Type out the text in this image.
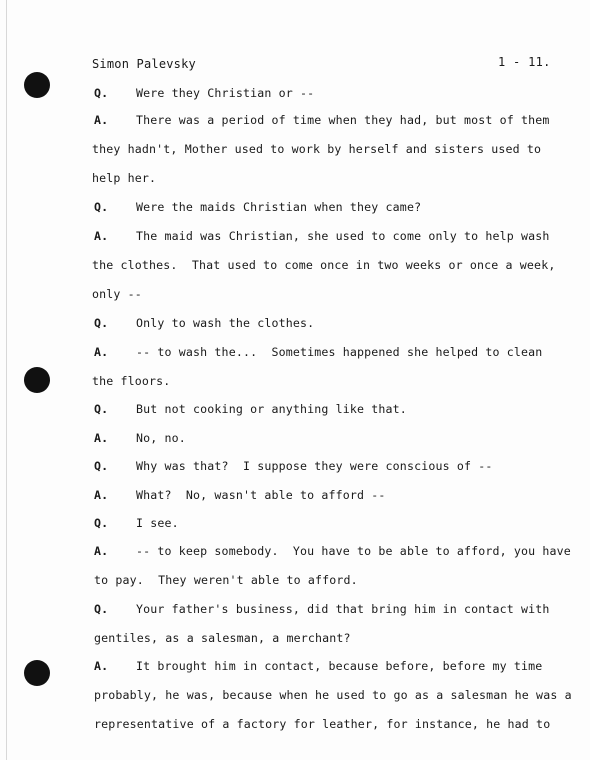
Simon Palevsky	1 - 11.
Q. Were they Christian or --
A. There was a period of time when they had, but most of them
they hadn't, Mother used to work by herself and sisters used to
help her.
Q. Were the maids Christian when they came?
A. The maid was Christian, she used to come only to help wash
the clothes.  That used to come once in two weeks or once a week,
only --
Q. Only to wash the clothes.
A. -- to wash the...  Sometimes happened she helped to clean
the floors.
Q. But not cooking or anything like that.
A. No, no.
Q. Why was that?  I suppose they were conscious of --
A. What?  No, wasn't able to afford --
Q. I see.
A. -- to keep somebody.  You have to be able to afford, you have
to pay.  They weren't able to afford.
Q. Your father's business, did that bring him in contact with
gentiles, as a salesman, a merchant?
A. It brought him in contact, because before, before my time
probably, he was, because when he used to go as a salesman he was a
representative of a factory for leather, for instance, he had to
